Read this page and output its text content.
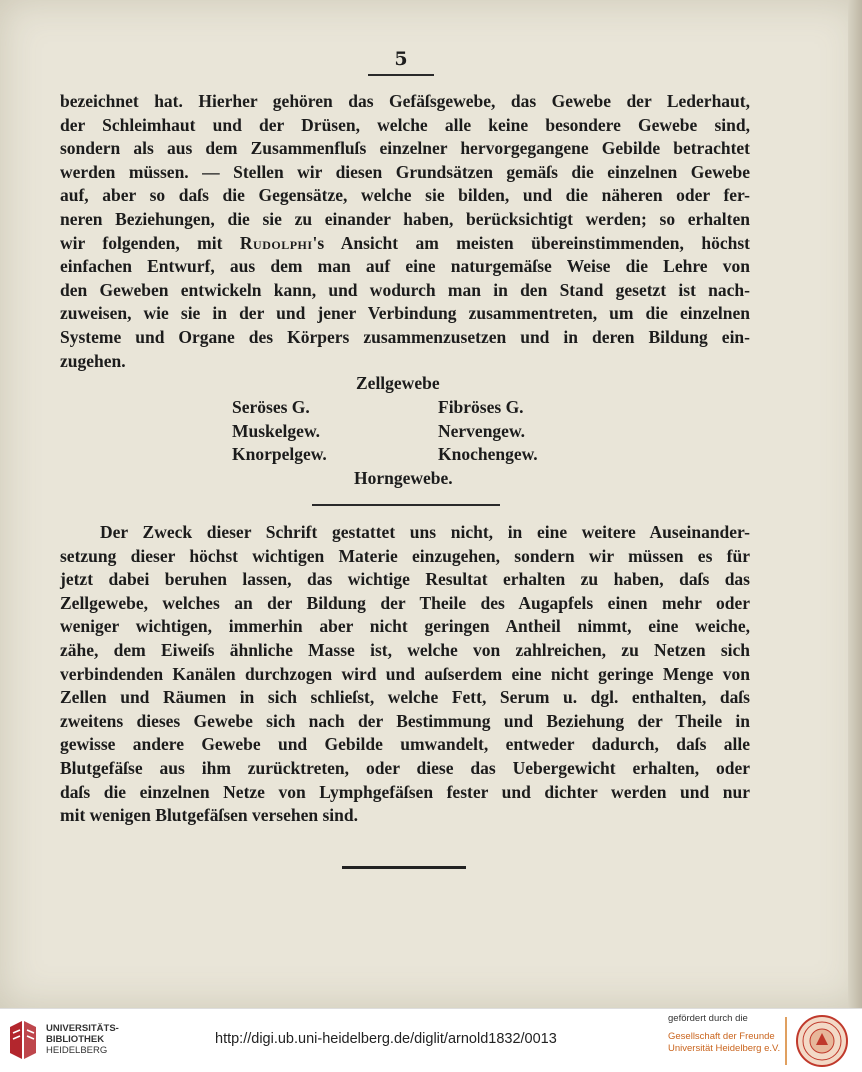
5
bezeichnet hat. Hierher gehören das Gefäſsgewebe, das Gewebe der Lederhaut,
der Schleimhaut und der Drüsen, welche alle keine besondere Gewebe sind,
sondern als aus dem Zusammenfluſs einzelner hervorgegangene Gebilde betrachtet
werden müssen. — Stellen wir diesen Grundsätzen gemäſs die einzelnen Gewebe
auf, aber so daſs die Gegensätze, welche sie bilden, und die näheren oder fer-
neren Beziehungen, die sie zu einander haben, berücksichtigt werden; so erhalten
wir folgenden, mit Rudolphi's Ansicht am meisten übereinstimmenden, höchst
einfachen Entwurf, aus dem man auf eine naturgemäſse Weise die Lehre von
den Geweben entwickeln kann, und wodurch man in den Stand gesetzt ist nach-
zuweisen, wie sie in der und jener Verbindung zusammentreten, um die einzelnen
Systeme und Organe des Körpers zusammenzusetzen und in deren Bildung ein-
zugehen.
Zellgewebe
Seröses G.
Muskelgew.
Knorpelgew.
Fibröses G.
Nervengew.
Knochengew.
Horngewebe.
Der Zweck dieser Schrift gestattet uns nicht, in eine weitere Auseinander-
setzung dieser höchst wichtigen Materie einzugehen, sondern wir müssen es für
jetzt dabei beruhen lassen, das wichtige Resultat erhalten zu haben, daſs das
Zellgewebe, welches an der Bildung der Theile des Augapfels einen mehr oder
weniger wichtigen, immerhin aber nicht geringen Antheil nimmt, eine weiche,
zähe, dem Eiweiſs ähnliche Masse ist, welche von zahlreichen, zu Netzen sich
verbindenden Kanälen durchzogen wird und auſserdem eine nicht geringe Menge von
Zellen und Räumen in sich schlieſst, welche Fett, Serum u. dgl. enthalten, daſs
zweitens dieses Gewebe sich nach der Bestimmung und Beziehung der Theile in
gewisse andere Gewebe und Gebilde umwandelt, entweder dadurch, daſs alle
Blutgefäſse aus ihm zurücktreten, oder diese das Uebergewicht erhalten, oder
daſs die einzelnen Netze von Lymphgefäſsen fester und dichter werden und nur
mit wenigen Blutgefäſsen versehen sind.
UNIVERSITÄTS-
BIBLIOTHEK
HEIDELBERG
http://digi.ub.uni-heidelberg.de/diglit/arnold1832/0013
gefördert durch die
Gesellschaft der Freunde
Universität Heidelberg e.V.
